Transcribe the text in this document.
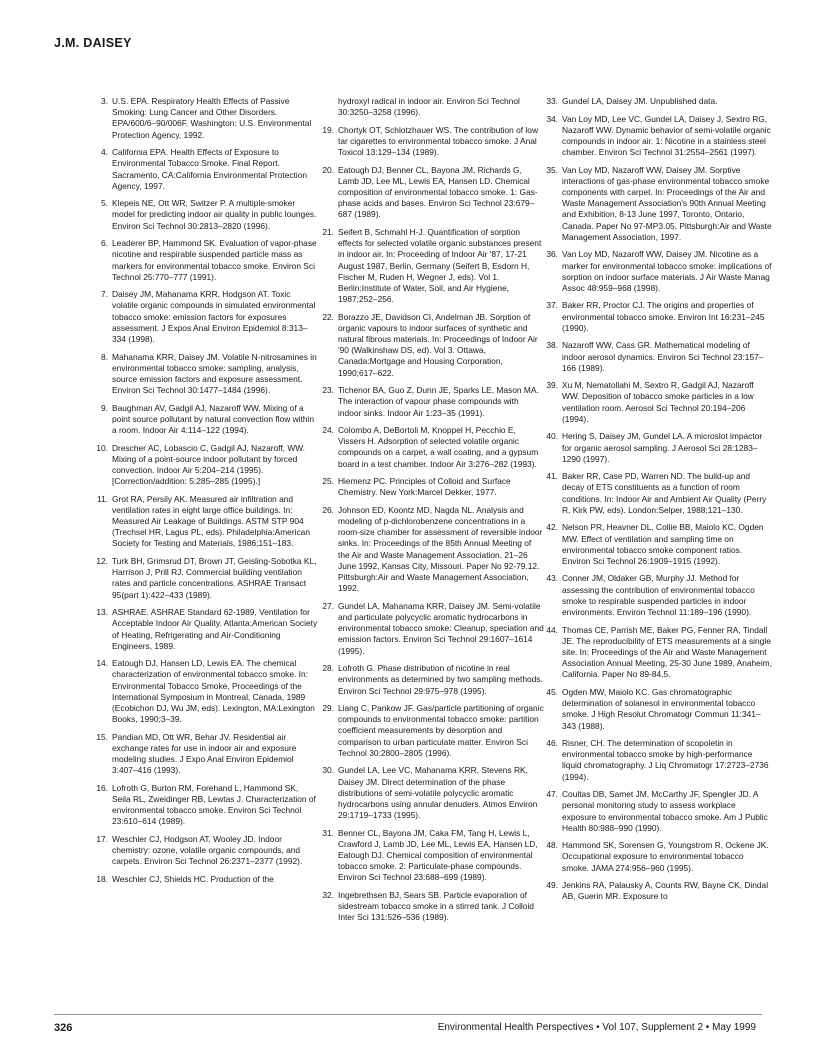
J.M. DAISEY
3. U.S. EPA. Respiratory Health Effects of Passive Smoking: Lung Cancer and Other Disorders. EPA/600/6–90/006F. Washington: U.S. Environmental Protection Agency, 1992.
4. California EPA. Health Effects of Exposure to Environmental Tobacco Smoke. Final Report. Sacramento, CA:California Environmental Protection Agency, 1997.
5. Klepeis NE, Ott WR, Switzer P. A multiple-smoker model for predicting indoor air quality in public lounges. Environ Sci Technol 30:2813–2820 (1996).
6. Leaderer BP, Hammond SK. Evaluation of vapor-phase nicotine and respirable suspended particle mass as markers for environmental tobacco smoke. Environ Sci Technol 25:770–777 (1991).
7. Daisey JM, Mahanama KRR, Hodgson AT. Toxic volatile organic compounds in simulated environmental tobacco smoke: emission factors for exposures assessment. J Expos Anal Environ Epidemiol 8:313–334 (1998).
8. Mahanama KRR, Daisey JM. Volatile N-nitrosamines in environmental tobacco smoke: sampling, analysis, source emission factors and exposure assessment. Environ Sci Technol 30:1477–1484 (1996).
9. Baughman AV, Gadgil AJ, Nazaroff WW. Mixing of a point source pollutant by natural convection flow within a room. Indoor Air 4:114–122 (1994).
10. Drescher AC, Lobascio C, Gadgil AJ, Nazaroff, WW. Mixing of a point-source indoor pollutant by forced convection. Indoor Air 5:204–214 (1995). [Correction/addition: 5:285–285 (1995).]
11. Grot RA, Persily AK. Measured air infiltration and ventilation rates in eight large office buildings. In: Measured Air Leakage of Buildings. ASTM STP 904 (Trechsel HR, Lagus PL, eds). Philadelphia:American Society for Testing and Materials, 1986;151–183.
12. Turk BH, Grimsrud DT, Brown JT, Geisling-Sobotka KL, Harrison J, Prill RJ. Commercial building ventilation rates and particle concentrations. ASHRAE Transact 95(part 1):422–433 (1989).
13. ASHRAE. ASHRAE Standard 62-1989, Ventilation for Acceptable Indoor Air Quality. Atlanta:American Society of Heating, Refrigerating and Air-Conditioning Engineers, 1989.
14. Eatough DJ, Hansen LD, Lewis EA. The chemical characterization of environmental tobacco smoke. In: Environmental Tobacco Smoke, Proceedings of the International Symposium in Montreal, Canada, 1989 (Ecobichon DJ, Wu JM, eds). Lexington, MA:Lexington Books, 1990;3–39.
15. Pandian MD, Ott WR, Behar JV. Residential air exchange rates for use in indoor air and exposure modeling studies. J Expo Anal Environ Epidemiol 3:407–416 (1993).
16. Lofroth G, Burton RM, Forehand L, Hammond SK, Seila RL, Zweidinger RB, Lewtas J. Characterization of environmental tobacco smoke. Environ Sci Technol 23:610–614 (1989).
17. Weschler CJ, Hodgson AT, Wooley JD. Indoor chemistry: ozone, volatile organic compounds, and carpets. Environ Sci Technol 26:2371–2377 (1992).
18. Weschler CJ, Shields HC. Production of the
hydroxyl radical in indoor air. Environ Sci Technol 30:3250–3258 (1996).
19. Chortyk OT, Schlotzhauer WS. The contribution of low tar cigarettes to environmental tobacco smoke. J Anal Toxicol 13:129–134 (1989).
20. Eatough DJ, Benner CL, Bayona JM, Richards G, Lamb JD, Lee ML, Lewis EA, Hansen LD. Chemical composition of environmental tobacco smoke. 1: Gas-phase acids and bases. Environ Sci Technol 23:679–687 (1989).
21. Seifert B, Schmahl H-J. Quantification of sorption effects for selected volatile organic substances present in indoor air. In: Proceeding of Indoor Air '87, 17-21 August 1987, Berlin, Germany (Seifert B, Esdorn H, Fischer M, Ruden H, Wegner J, eds). Vol 1. Berlin:Institute of Water, Soil, and Air Hygiene, 1987;252–256.
22. Borazzo JE, Davidson CI, Andelman JB. Sorption of organic vapours to indoor surfaces of synthetic and natural fibrous materials. In: Proceedings of Indoor Air '90 (Walkinshaw DS, ed). Vol 3. Ottawa, Canada:Mortgage and Housing Corporation, 1990;617–622.
23. Tichenor BA, Guo Z, Dunn JE, Sparks LE, Mason MA. The interaction of vapour phase compounds with indoor sinks. Indoor Air 1:23–35 (1991).
24. Colombo A, DeBortoli M, Knoppel H, Pecchio E, Vissers H. Adsorption of selected volatile organic compounds on a carpet, a wall coating, and a gypsum board in a test chamber. Indoor Air 3:276–282 (1993).
25. Hiemenz PC. Principles of Colloid and Surface Chemistry. New York:Marcel Dekker, 1977.
26. Johnson ED, Koontz MD, Nagda NL. Analysis and modeling of p-dichlorobenzene concentrations in a room-size chamber for assessment of reversible indoor sinks. In: Proceedings of the 85th Annual Meeting of the Air and Waste Management Association, 21–26 June 1992, Kansas City, Missouri. Paper No 92-79.12. Pittsburgh:Air and Waste Management Association, 1992.
27. Gundel LA, Mahanama KRR, Daisey JM. Semi-volatile and particulate polycyclic aromatic hydrocarbons in environmental tobacco smoke: Cleanup, speciation and emission factors. Environ Sci Technol 29:1607–1614 (1995).
28. Lofroth G. Phase distribution of nicotine in real environments as determined by two sampling methods. Environ Sci Technol 29:975–978 (1995).
29. Liang C, Pankow JF. Gas/particle partitioning of organic compounds to environmental tobacco smoke: partition coefficient measurements by desorption and comparison to urban particulate matter. Environ Sci Technol 30:2800–2805 (1996).
30. Gundel LA, Lee VC, Mahanama KRR, Stevens RK, Daisey JM. Direct determination of the phase distributions of semi-volatile polycyclic aromatic hydrocarbons using annular denuders. Atmos Environ 29:1719–1733 (1995).
31. Benner CL, Bayona JM, Caka FM, Tang H, Lewis L, Crawford J, Lamb JD, Lee ML, Lewis EA, Hansen LD, Eatough DJ. Chemical composition of environmental tobacco smoke. 2: Particulate-phase compounds. Environ Sci Technol 23:688–699 (1989).
32. Ingebrethsen BJ, Sears SB. Particle evaporation of sidestream tobacco smoke in a stirred tank. J Colloid Inter Sci 131:526–536 (1989).
33. Gundel LA, Daisey JM. Unpublished data.
34. Van Loy MD, Lee VC, Gundel LA, Daisey J, Sextro RG, Nazaroff WW. Dynamic behavior of semi-volatile organic compounds in indoor air. 1: Nicotine in a stainless steel chamber. Environ Sci Technol 31:2554–2561 (1997).
35. Van Loy MD, Nazaroff WW, Daisey JM. Sorptive interactions of gas-phase environmental tobacco smoke components with carpet. In: Proceedings of the Air and Waste Management Association's 90th Annual Meeting and Exhibition, 8-13 June 1997, Toronto, Ontario, Canada. Paper No 97-MP3.05. Pittsburgh:Air and Waste Management Association, 1997.
36. Van Loy MD, Nazaroff WW, Daisey JM. Nicotine as a marker for environmental tobacco smoke: implications of sorption on indoor surface materials. J Air Waste Manag Assoc 48:959–968 (1998).
37. Baker RR, Proctor CJ. The origins and properties of environmental tobacco smoke. Environ Int 16:231–245 (1990).
38. Nazaroff WW, Cass GR. Mathematical modeling of indoor aerosol dynamics. Environ Sci Technol 23:157–166 (1989).
39. Xu M, Nematollahi M, Sextro R, Gadgil AJ, Nazaroff WW. Deposition of tobacco smoke particles in a low ventilation room. Aerosol Sci Technol 20:194–206 (1994).
40. Hering S, Daisey JM, Gundel LA. A microslot impactor for organic aerosol sampling. J Aerosol Sci 28:1283–1290 (1997).
41. Baker RR, Case PD, Warren ND. The build-up and decay of ETS constituents as a function of room conditions. In: Indoor Air and Ambient Air Quality (Perry R, Kirk PW, eds). London:Selper, 1988;121–130.
42. Nelson PR, Heavner DL, Collie BB, Maiolo KC, Ogden MW. Effect of ventilation and sampling time on environmental tobacco smoke component ratios. Environ Sci Technol 26:1909–1915 (1992).
43. Conner JM, Oldaker GB, Murphy JJ. Method for assessing the contribution of environmental tobacco smoke to respirable suspended particles in indoor environments. Environ Technol 11:189–196 (1990).
44. Thomas CE, Parrish ME, Baker PG, Fenner RA, Tindall JE. The reproducibility of ETS measurements at a single site. In: Proceedings of the Air and Waste Management Association Annual Meeting, 25-30 June 1989, Anaheim, California. Paper No 89-84.5.
45. Ogden MW, Maiolo KC. Gas chromatographic determination of solanesol in environmental tobacco smoke. J High Resolut Chromatogr Commun 11:341–343 (1988).
46. Risner, CH. The determination of scopoletin in environmental tobacco smoke by high-performance liquid chromatography. J Liq Chromatogr 17:2723–2736 (1994).
47. Coultas DB, Samet JM, McCarthy JF, Spengler JD. A personal monitoring study to assess workplace exposure to environmental tobacco smoke. Am J Public Health 80:988–990 (1990).
48. Hammond SK, Sorensen G, Youngstrom R, Ockene JK. Occupational exposure to environmental tobacco smoke. JAMA 274:956–960 (1995).
49. Jenkins RA, Palausky A, Counts RW, Bayne CK, Dindal AB, Guerin MR. Exposure to
326	Environmental Health Perspectives • Vol 107, Supplement 2 • May 1999
